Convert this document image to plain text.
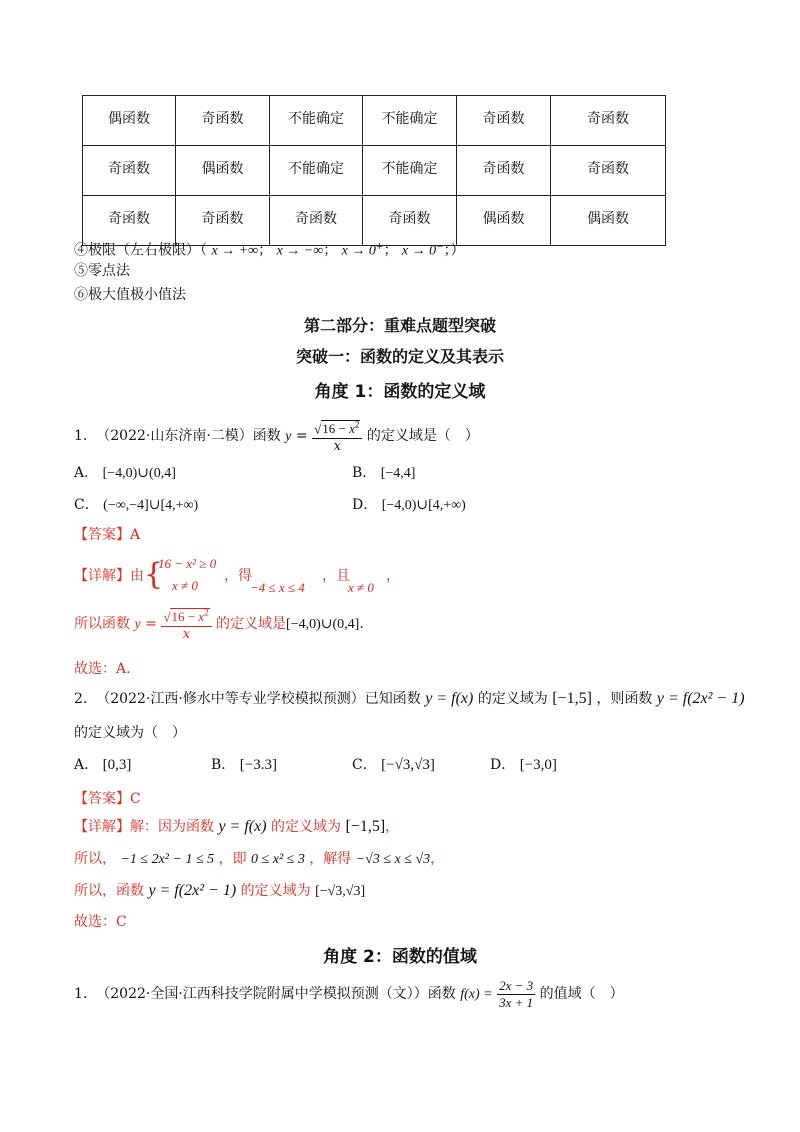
偶函数	奇函数	不能确定	不能确定	奇函数	奇函数
奇函数	偶函数	不能确定	不能确定	奇函数	奇函数
奇函数	奇函数	奇函数	奇函数	偶函数	偶函数
④极限（左右极限）（ x → +∞； x → −∞； x → 0+； x → 0−；）
⑤零点法
⑥极大值极小值法
第二部分：重难点题型突破
突破一：函数的定义及其表示
角度 1：函数的定义域
1. （2022·山东济南·二模）函数 $y = \frac{√16 - x^2}{x}$ 的定义域是（　）
A． [−4,0)∪(0,4]	B． [−4,4]
C． (−∞,−4]∪[4,+∞)	D． [−4,0)∪[4,+∞)
【答案】A
【详解】由 {
16 − x² ≥ 0
x ≠ 0
，得
−4 ≤ x ≤ 4
，且
x ≠ 0
，
所以函数 $y = \frac{√16 - x^2}{x}$ 的定义域是[−4,0)∪(0,4].
故选：A.
2. （2022·江西·修水中等专业学校模拟预测）已知函数 y = f(x) 的定义域为 [−1,5] ，则函数 y = f(2x² − 1)
的定义域为（　）
A． [0,3]	B． [−3.3]	C． [−√3,√3]	D． [−3,0]
【答案】C
【详解】解：因为函数 y = f(x) 的定义域为 [−1,5]，
所以， −1 ≤ 2x² − 1 ≤ 5 ，即 0 ≤ x² ≤ 3 ，解得 −√3 ≤ x ≤ √3，
所以，函数 y = f(2x² − 1) 的定义域为 [−√3,√3]
故选：C
角度 2：函数的值域
1. （2022·全国·江西科技学院附属中学模拟预测（文））函数 $f(x) = \frac{2x - 3}{3x + 1}$ 的值域（　）
